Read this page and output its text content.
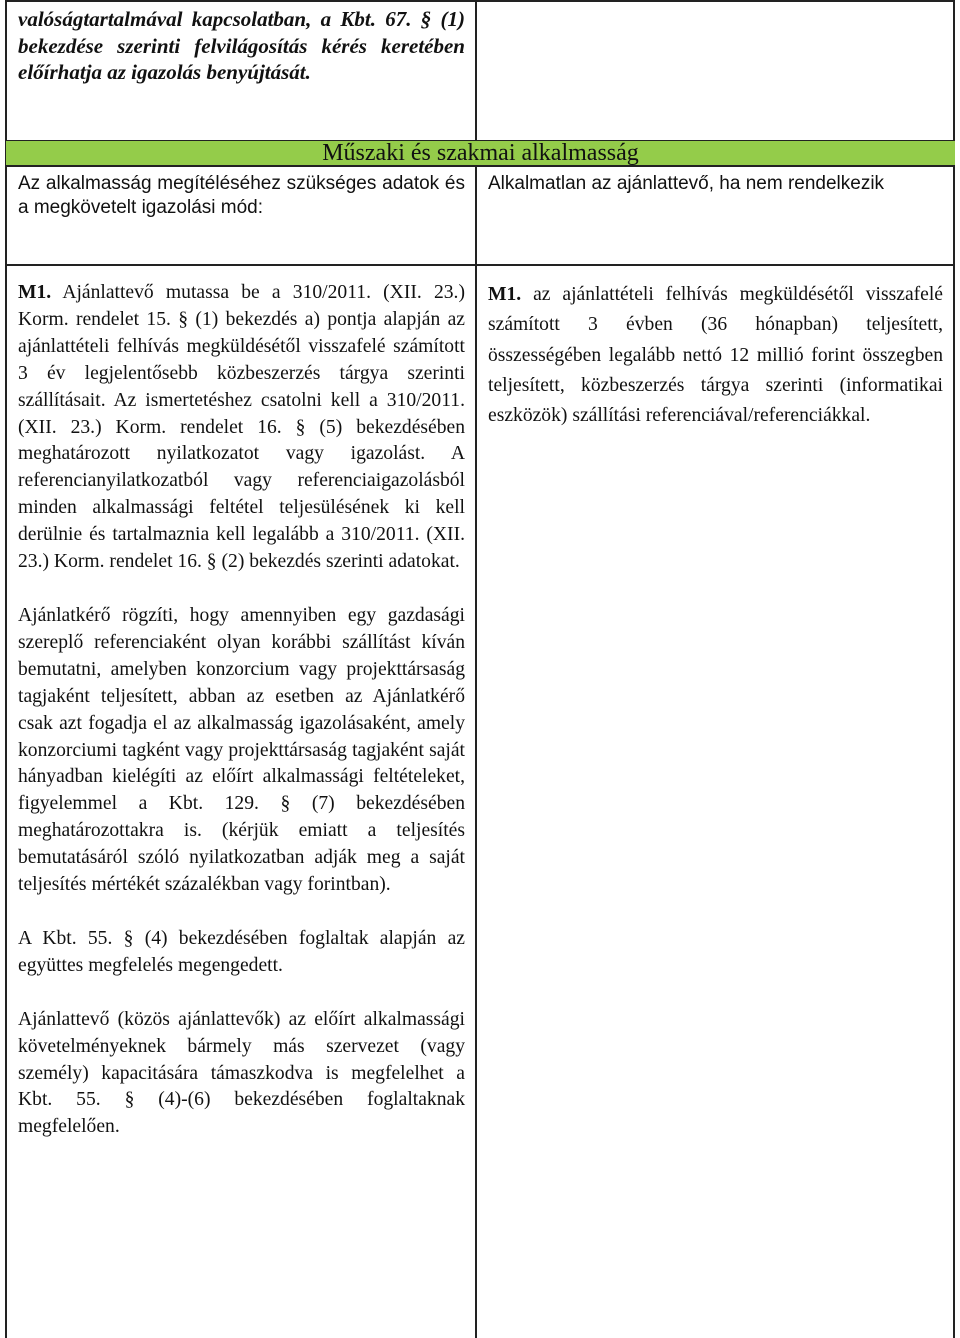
valóságtartalmával kapcsolatban, a Kbt. 67. § (1) bekezdése szerinti felvilágosítás kérés keretében előírhatja az igazolás benyújtását.
Műszaki és szakmai alkalmasság
Az alkalmasság megítéléséhez szükséges adatok és a megkövetelt igazolási mód:
Alkalmatlan az ajánlattevő, ha nem rendelkezik

M1. Ajánlattevő mutassa be a 310/2011. (XII. 23.) Korm. rendelet 15. § (1) bekezdés a) pontja alapján az ajánlattételi felhívás megküldésétől visszafelé számított 3 év legjelentősebb közbeszerzés tárgya szerinti szállításait. Az ismertetéshez csatolni kell a 310/2011. (XII. 23.) Korm. rendelet 16. § (5) bekezdésében meghatározott nyilatkozatot vagy igazolást. A referencianyilatkozatból vagy referenciaigazolásból minden alkalmassági feltétel teljesülésének ki kell derülnie és tartalmaznia kell legalább a 310/2011. (XII. 23.) Korm. rendelet 16. § (2) bekezdés szerinti adatokat.

Ajánlatkérő rögzíti, hogy amennyiben egy gazdasági szereplő referenciaként olyan korábbi szállítást kíván bemutatni, amelyben konzorcium vagy projekttársaság tagjaként teljesített, abban az esetben az Ajánlatkérő csak azt fogadja el az alkalmasság igazolásaként, amely konzorciumi tagként vagy projekttársaság tagjaként saját hányadban kielégíti az előírt alkalmassági feltételeket, figyelemmel a Kbt. 129. § (7) bekezdésében meghatározottakra is. (kérjük emiatt a teljesítés bemutatásáról szóló nyilatkozatban adják meg a saját teljesítés mértékét százalékban vagy forintban).

A Kbt. 55. § (4) bekezdésében foglaltak alapján az együttes megfelelés megengedett.

Ajánlattevő (közös ajánlattevők) az előírt alkalmassági követelményeknek bármely más szervezet (vagy személy) kapacitására támaszkodva is megfelelhet a Kbt. 55. § (4)-(6) bekezdésében foglaltaknak megfelelően.

M1. az ajánlattételi felhívás megküldésétől visszafelé számított 3 évben (36 hónapban) teljesített, összességében legalább nettó 12 millió forint összegben teljesített, közbeszerzés tárgya szerinti (informatikai eszközök) szállítási referenciával/referenciákkal.
